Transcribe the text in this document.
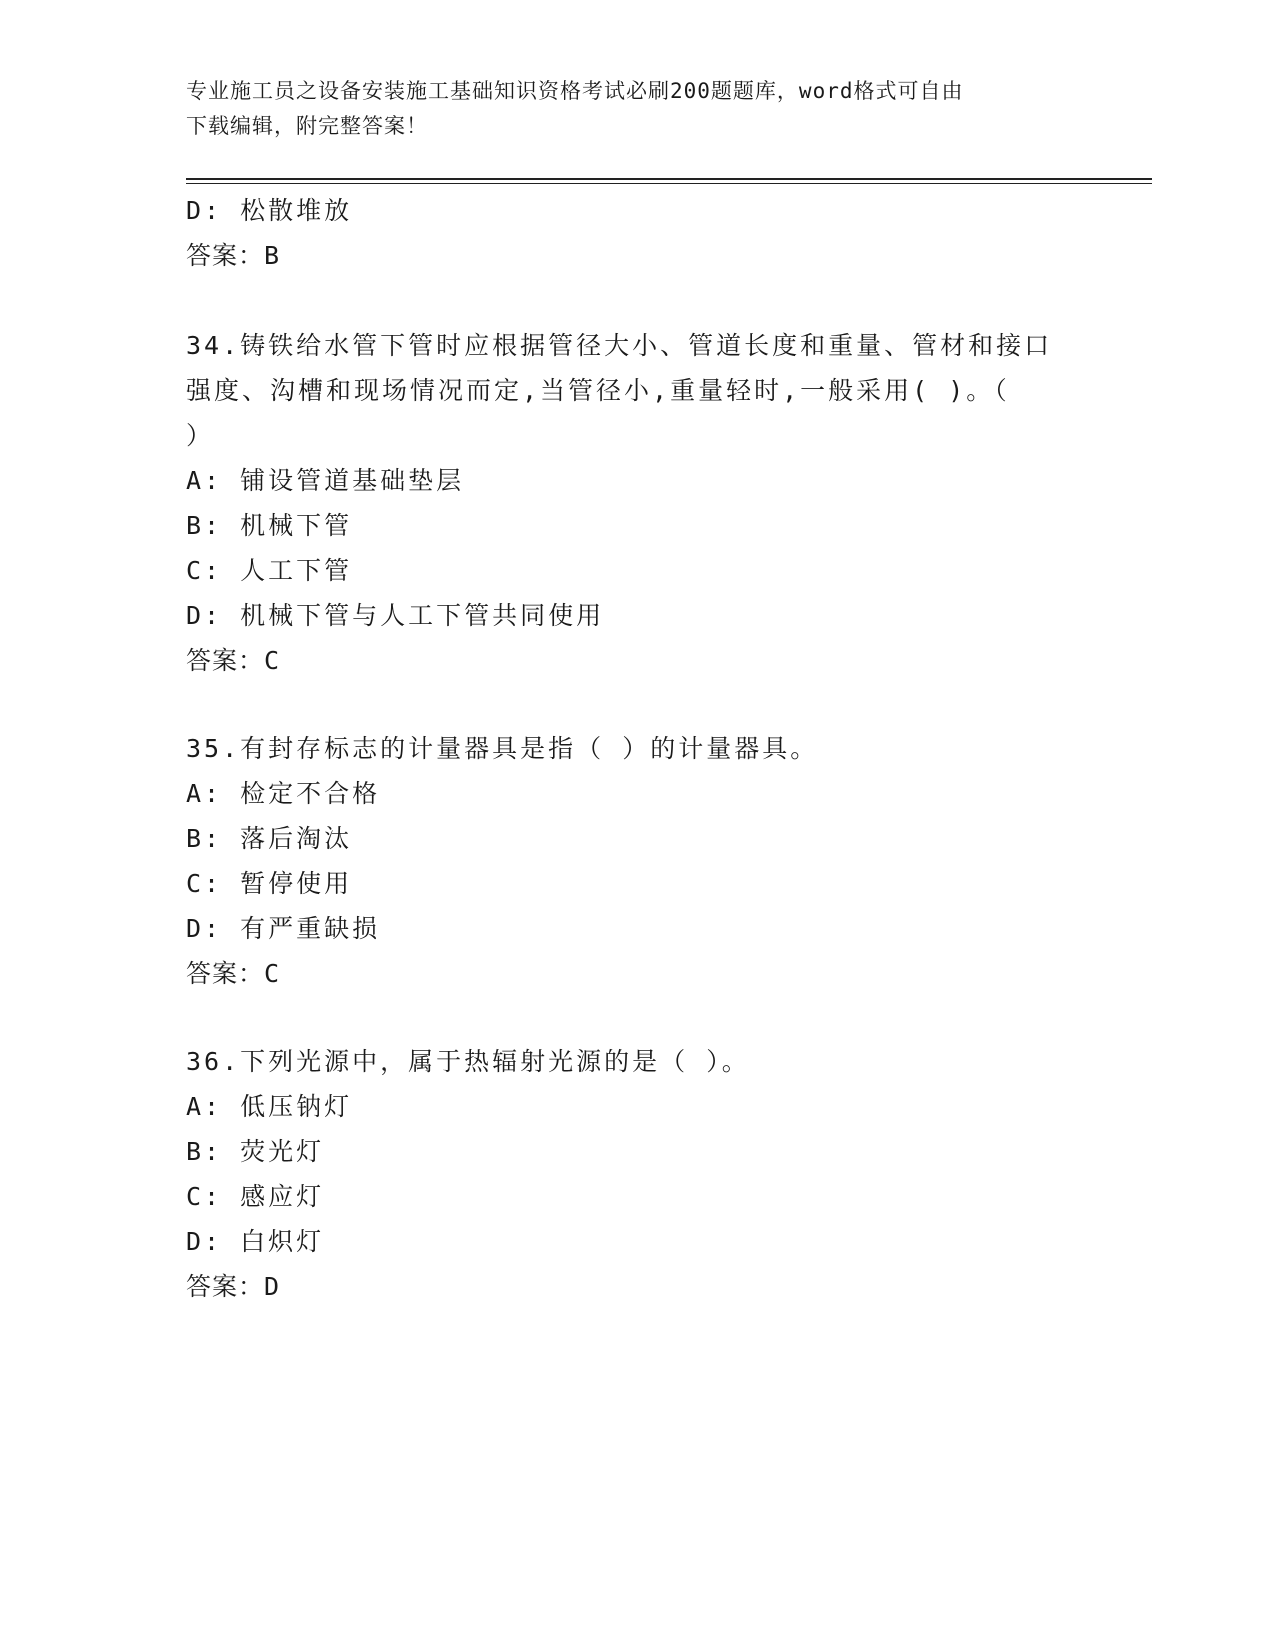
专业施工员之设备安装施工基础知识资格考试必刷200题题库，word格式可自由
下载编辑，附完整答案！
D: 松散堆放
答案：B
34.铸铁给水管下管时应根据管径大小、管道长度和重量、管材和接口
强度、沟槽和现场情况而定,当管径小,重量轻时,一般采用( )。（
）
A: 铺设管道基础垫层
B: 机械下管
C: 人工下管
D: 机械下管与人工下管共同使用
答案：C
35.有封存标志的计量器具是指（ ）的计量器具。
A: 检定不合格
B: 落后淘汰
C: 暂停使用
D: 有严重缺损
答案：C
36.下列光源中，属于热辐射光源的是（ ）。
A: 低压钠灯
B: 荧光灯
C: 感应灯
D: 白炽灯
答案：D
